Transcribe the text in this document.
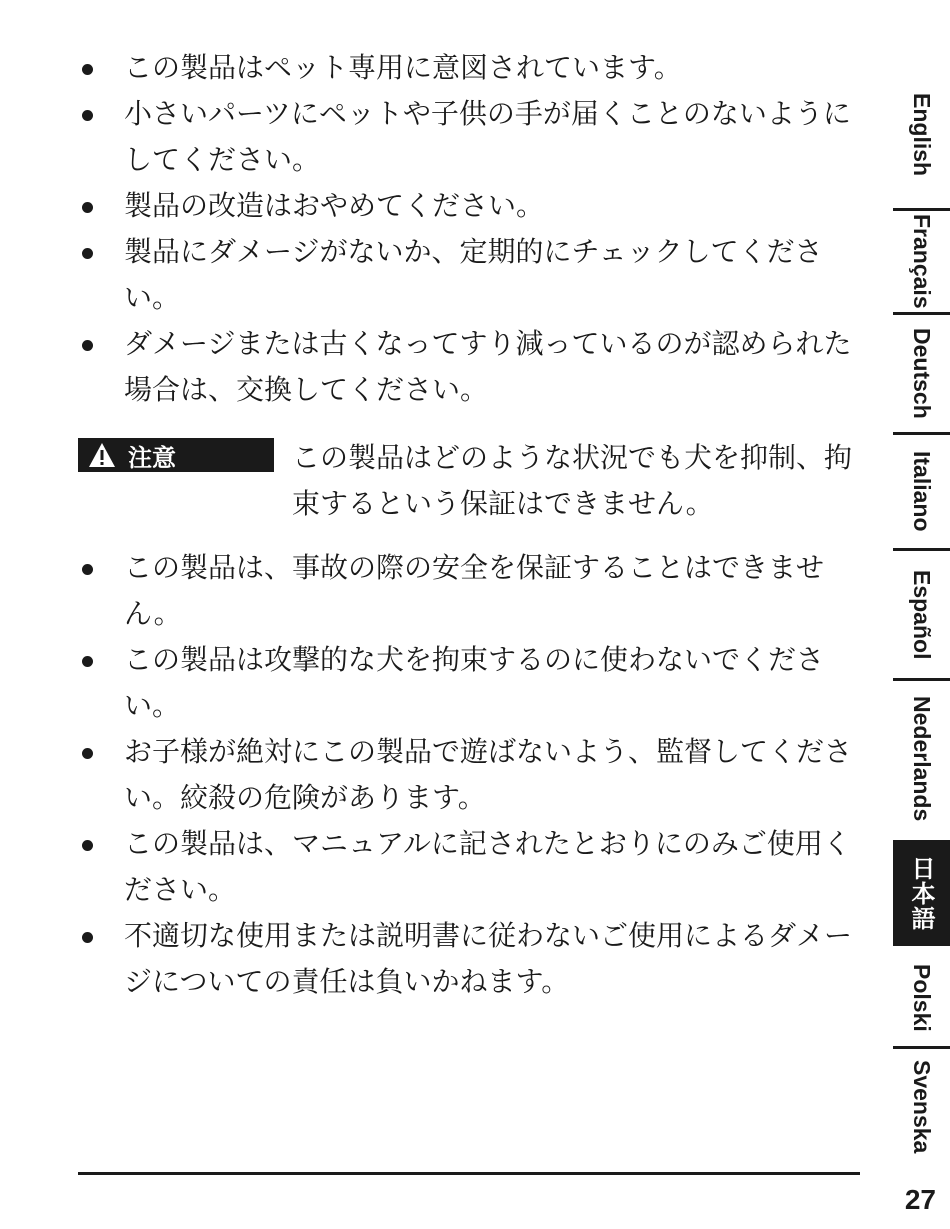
この製品はペット専用に意図されています。
小さいパーツにペットや子供の手が届くことのないようにしてください。
製品の改造はおやめてください。
製品にダメージがないか、定期的にチェックしてください。
ダメージまたは古くなってすり減っているのが認められた場合は、交換してください。
注意	この製品はどのような状況でも犬を抑制、拘束するという保証はできません。
この製品は、事故の際の安全を保証することはできません。
この製品は攻撃的な犬を拘束するのに使わないでください。
お子様が絶対にこの製品で遊ばないよう、監督してください。絞殺の危険があります。
この製品は、マニュアルに記されたとおりにのみご使用ください。
不適切な使用または説明書に従わないご使用によるダメージについての責任は負いかねます。
English
Français
Deutsch
Italiano
Español
Nederlands
日本語
Polski
Svenska
27
